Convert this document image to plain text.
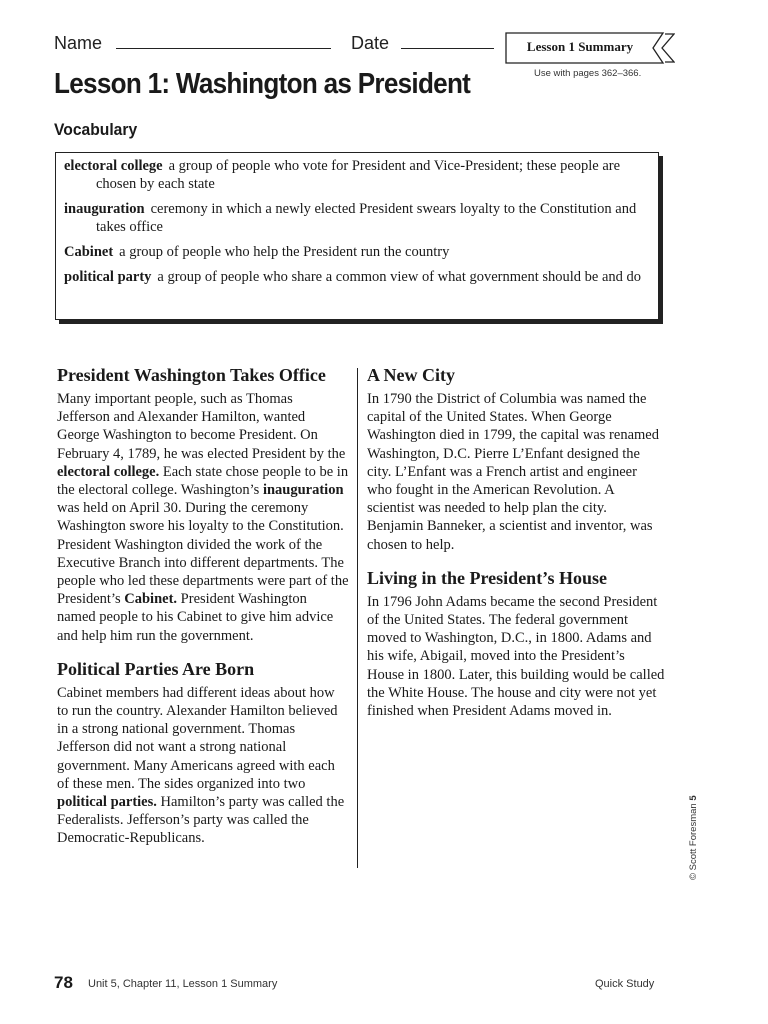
Name	Date	Lesson 1 Summary
Use with pages 362–366.
Lesson 1: Washington as President
Vocabulary
electoral college a group of people who vote for President and Vice-President; these people are chosen by each state
inauguration ceremony in which a newly elected President swears loyalty to the Constitution and takes office
Cabinet a group of people who help the President run the country
political party a group of people who share a common view of what government should be and do
President Washington Takes Office

Many important people, such as Thomas Jefferson and Alexander Hamilton, wanted George Washington to become President. On February 4, 1789, he was elected President by the electoral college. Each state chose people to be in the electoral college. Washington’s inauguration was held on April 30. During the ceremony Washington swore his loyalty to the Constitution. President Washington divided the work of the Executive Branch into different departments. The people who led these departments were part of the President’s Cabinet. President Washington named people to his Cabinet to give him advice and help him run the government.

Political Parties Are Born

Cabinet members had different ideas about how to run the country. Alexander Hamilton believed in a strong national government. Thomas Jefferson did not want a strong national government. Many Americans agreed with each of these men. The sides organized into two political parties. Hamilton’s party was called the Federalists. Jefferson’s party was called the Democratic-Republicans.

A New City

In 1790 the District of Columbia was named the capital of the United States. When George Washington died in 1799, the capital was renamed Washington, D.C. Pierre L’Enfant designed the city. L’Enfant was a French artist and engineer who fought in the American Revolution. A scientist was needed to help plan the city. Benjamin Banneker, a scientist and inventor, was chosen to help.

Living in the President’s House

In 1796 John Adams became the second President of the United States. The federal government moved to Washington, D.C., in 1800. Adams and his wife, Abigail, moved into the President’s House in 1800. Later, this building would be called the White House. The house and city were not yet finished when President Adams moved in.

© Scott Foresman 5
78 Unit 5, Chapter 11, Lesson 1 Summary	Quick Study
